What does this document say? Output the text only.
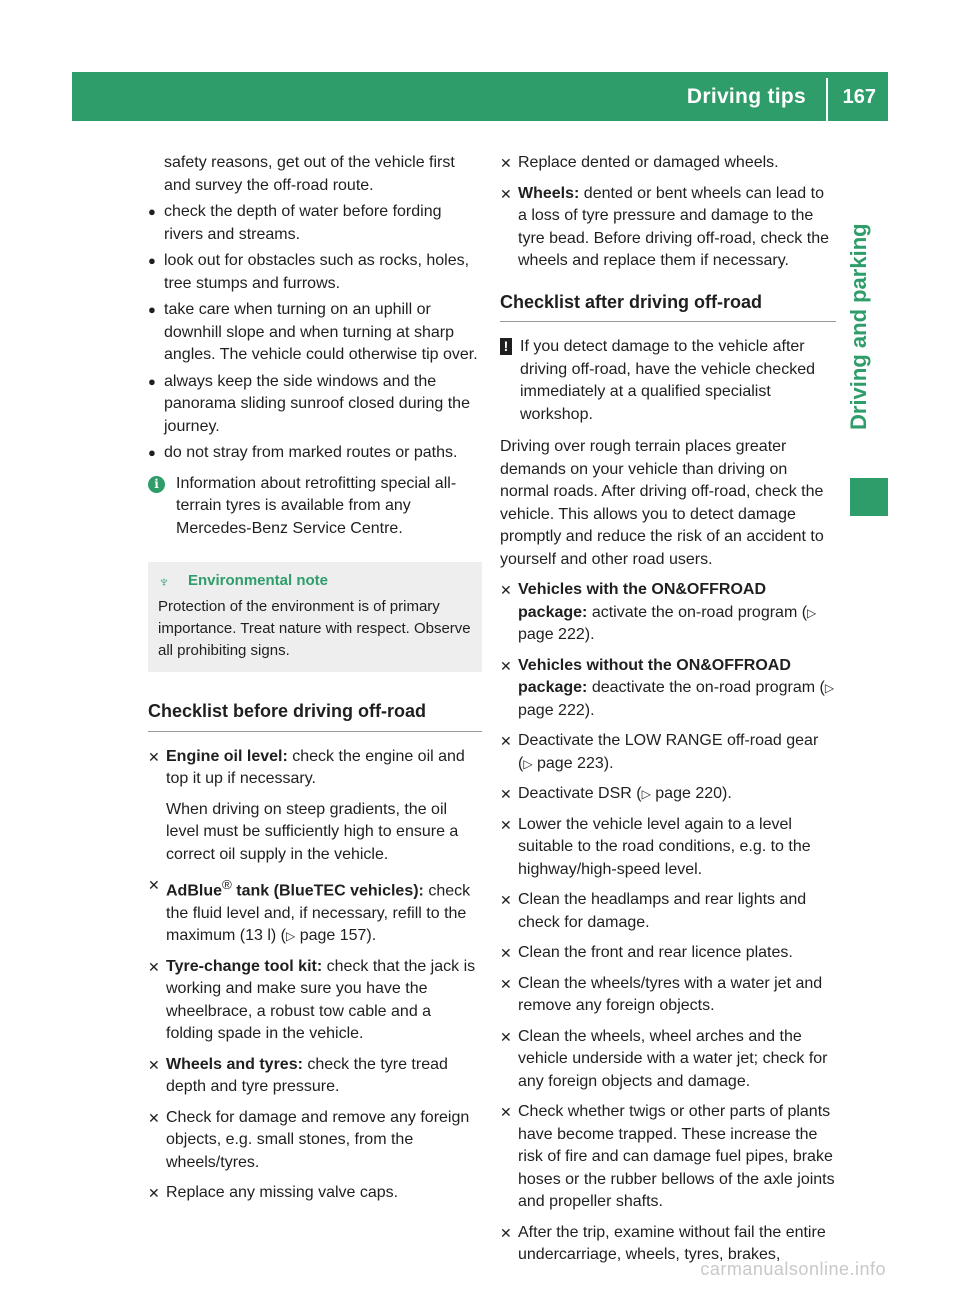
Driving tips 167
Driving and parking

safety reasons, get out of the vehicle first and survey the off-road route.

● check the depth of water before fording rivers and streams.
● look out for obstacles such as rocks, holes, tree stumps and furrows.
● take care when turning on an uphill or downhill slope and when turning at sharp angles. The vehicle could otherwise tip over.
● always keep the side windows and the panorama sliding sunroof closed during the journey.
● do not stray from marked routes or paths.
i	Information about retrofitting special all-terrain tyres is available from any Mercedes-Benz Service Centre.
♆ Environmental note

Protection of the environment is of primary importance. Treat nature with respect. Observe all prohibiting signs.

Checklist before driving off-road
✕ Engine oil level: check the engine oil and top it up if necessary.

When driving on steep gradients, the oil level must be sufficiently high to ensure a correct oil supply in the vehicle.

✕ AdBlue® tank (BlueTEC vehicles): check the fluid level and, if necessary, refill to the maximum (13 l) (▷ page 157).
✕ Tyre-change tool kit: check that the jack is working and make sure you have the wheelbrace, a robust tow cable and a folding spade in the vehicle.
✕ Wheels and tyres: check the tyre tread depth and tyre pressure.
✕ Check for damage and remove any foreign objects, e.g. small stones, from the wheels/tyres.
✕ Replace any missing valve caps.
✕ Replace dented or damaged wheels.
✕ Wheels: dented or bent wheels can lead to a loss of tyre pressure and damage to the tyre bead. Before driving off-road, check the wheels and replace them if necessary.
Checklist after driving off-road
! If you detect damage to the vehicle after driving off-road, have the vehicle checked immediately at a qualified specialist workshop.

Driving over rough terrain places greater demands on your vehicle than driving on normal roads. After driving off-road, check the vehicle. This allows you to detect damage promptly and reduce the risk of an accident to yourself and other road users.

✕ Vehicles with the ON&OFFROAD package: activate the on-road program (▷ page 222).
✕ Vehicles without the ON&OFFROAD package: deactivate the on-road program (▷ page 222).
✕ Deactivate the LOW RANGE off-road gear (▷ page 223).
✕ Deactivate DSR (▷ page 220).
✕ Lower the vehicle level again to a level suitable to the road conditions, e.g. to the highway/high-speed level.
✕ Clean the headlamps and rear lights and check for damage.
✕ Clean the front and rear licence plates.
✕ Clean the wheels/tyres with a water jet and remove any foreign objects.
✕ Clean the wheels, wheel arches and the vehicle underside with a water jet; check for any foreign objects and damage.
✕ Check whether twigs or other parts of plants have become trapped. These increase the risk of fire and can damage fuel pipes, brake hoses or the rubber bellows of the axle joints and propeller shafts.
✕ After the trip, examine without fail the entire undercarriage, wheels, tyres, brakes,
carmanualsonline.info
